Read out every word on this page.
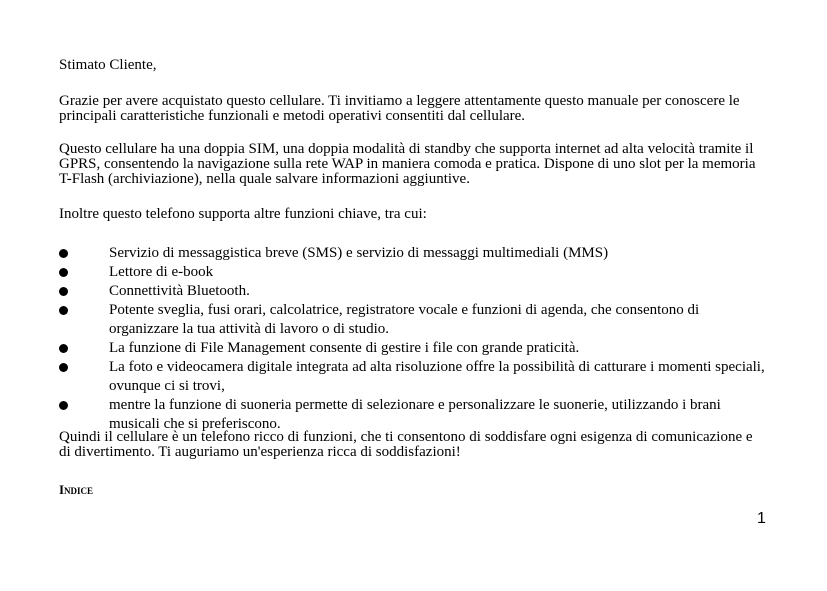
Stimato Cliente,

Grazie per avere acquistato questo cellulare. Ti invitiamo a leggere attentamente questo manuale per conoscere le principali caratteristiche funzionali e metodi operativi consentiti dal cellulare.

Questo cellulare ha una doppia SIM, una doppia modalità di standby che supporta internet ad alta velocità tramite il GPRS, consentendo la navigazione sulla rete WAP in maniera comoda e pratica. Dispone di uno slot per la memoria T-Flash (archiviazione), nella quale salvare informazioni aggiuntive.

Inoltre questo telefono supporta altre funzioni chiave, tra cui:

Servizio di messaggistica breve (SMS) e servizio di messaggi multimediali (MMS)
Lettore di e-book
Connettività Bluetooth.
Potente sveglia, fusi orari, calcolatrice, registratore vocale e funzioni di agenda, che consentono di organizzare la tua attività di lavoro o di studio.
La funzione di File Management consente di gestire i file con grande praticità.
La foto e videocamera digitale integrata ad alta risoluzione offre la possibilità di catturare i momenti speciali, ovunque ci si trovi,
mentre la funzione di suoneria permette di selezionare e personalizzare le suonerie, utilizzando i brani musicali che si preferiscono.

Quindi il cellulare è un telefono ricco di funzioni, che ti consentono di soddisfare ogni esigenza di comunicazione e di divertimento. Ti auguriamo un'esperienza ricca di soddisfazioni!

Indice
1
